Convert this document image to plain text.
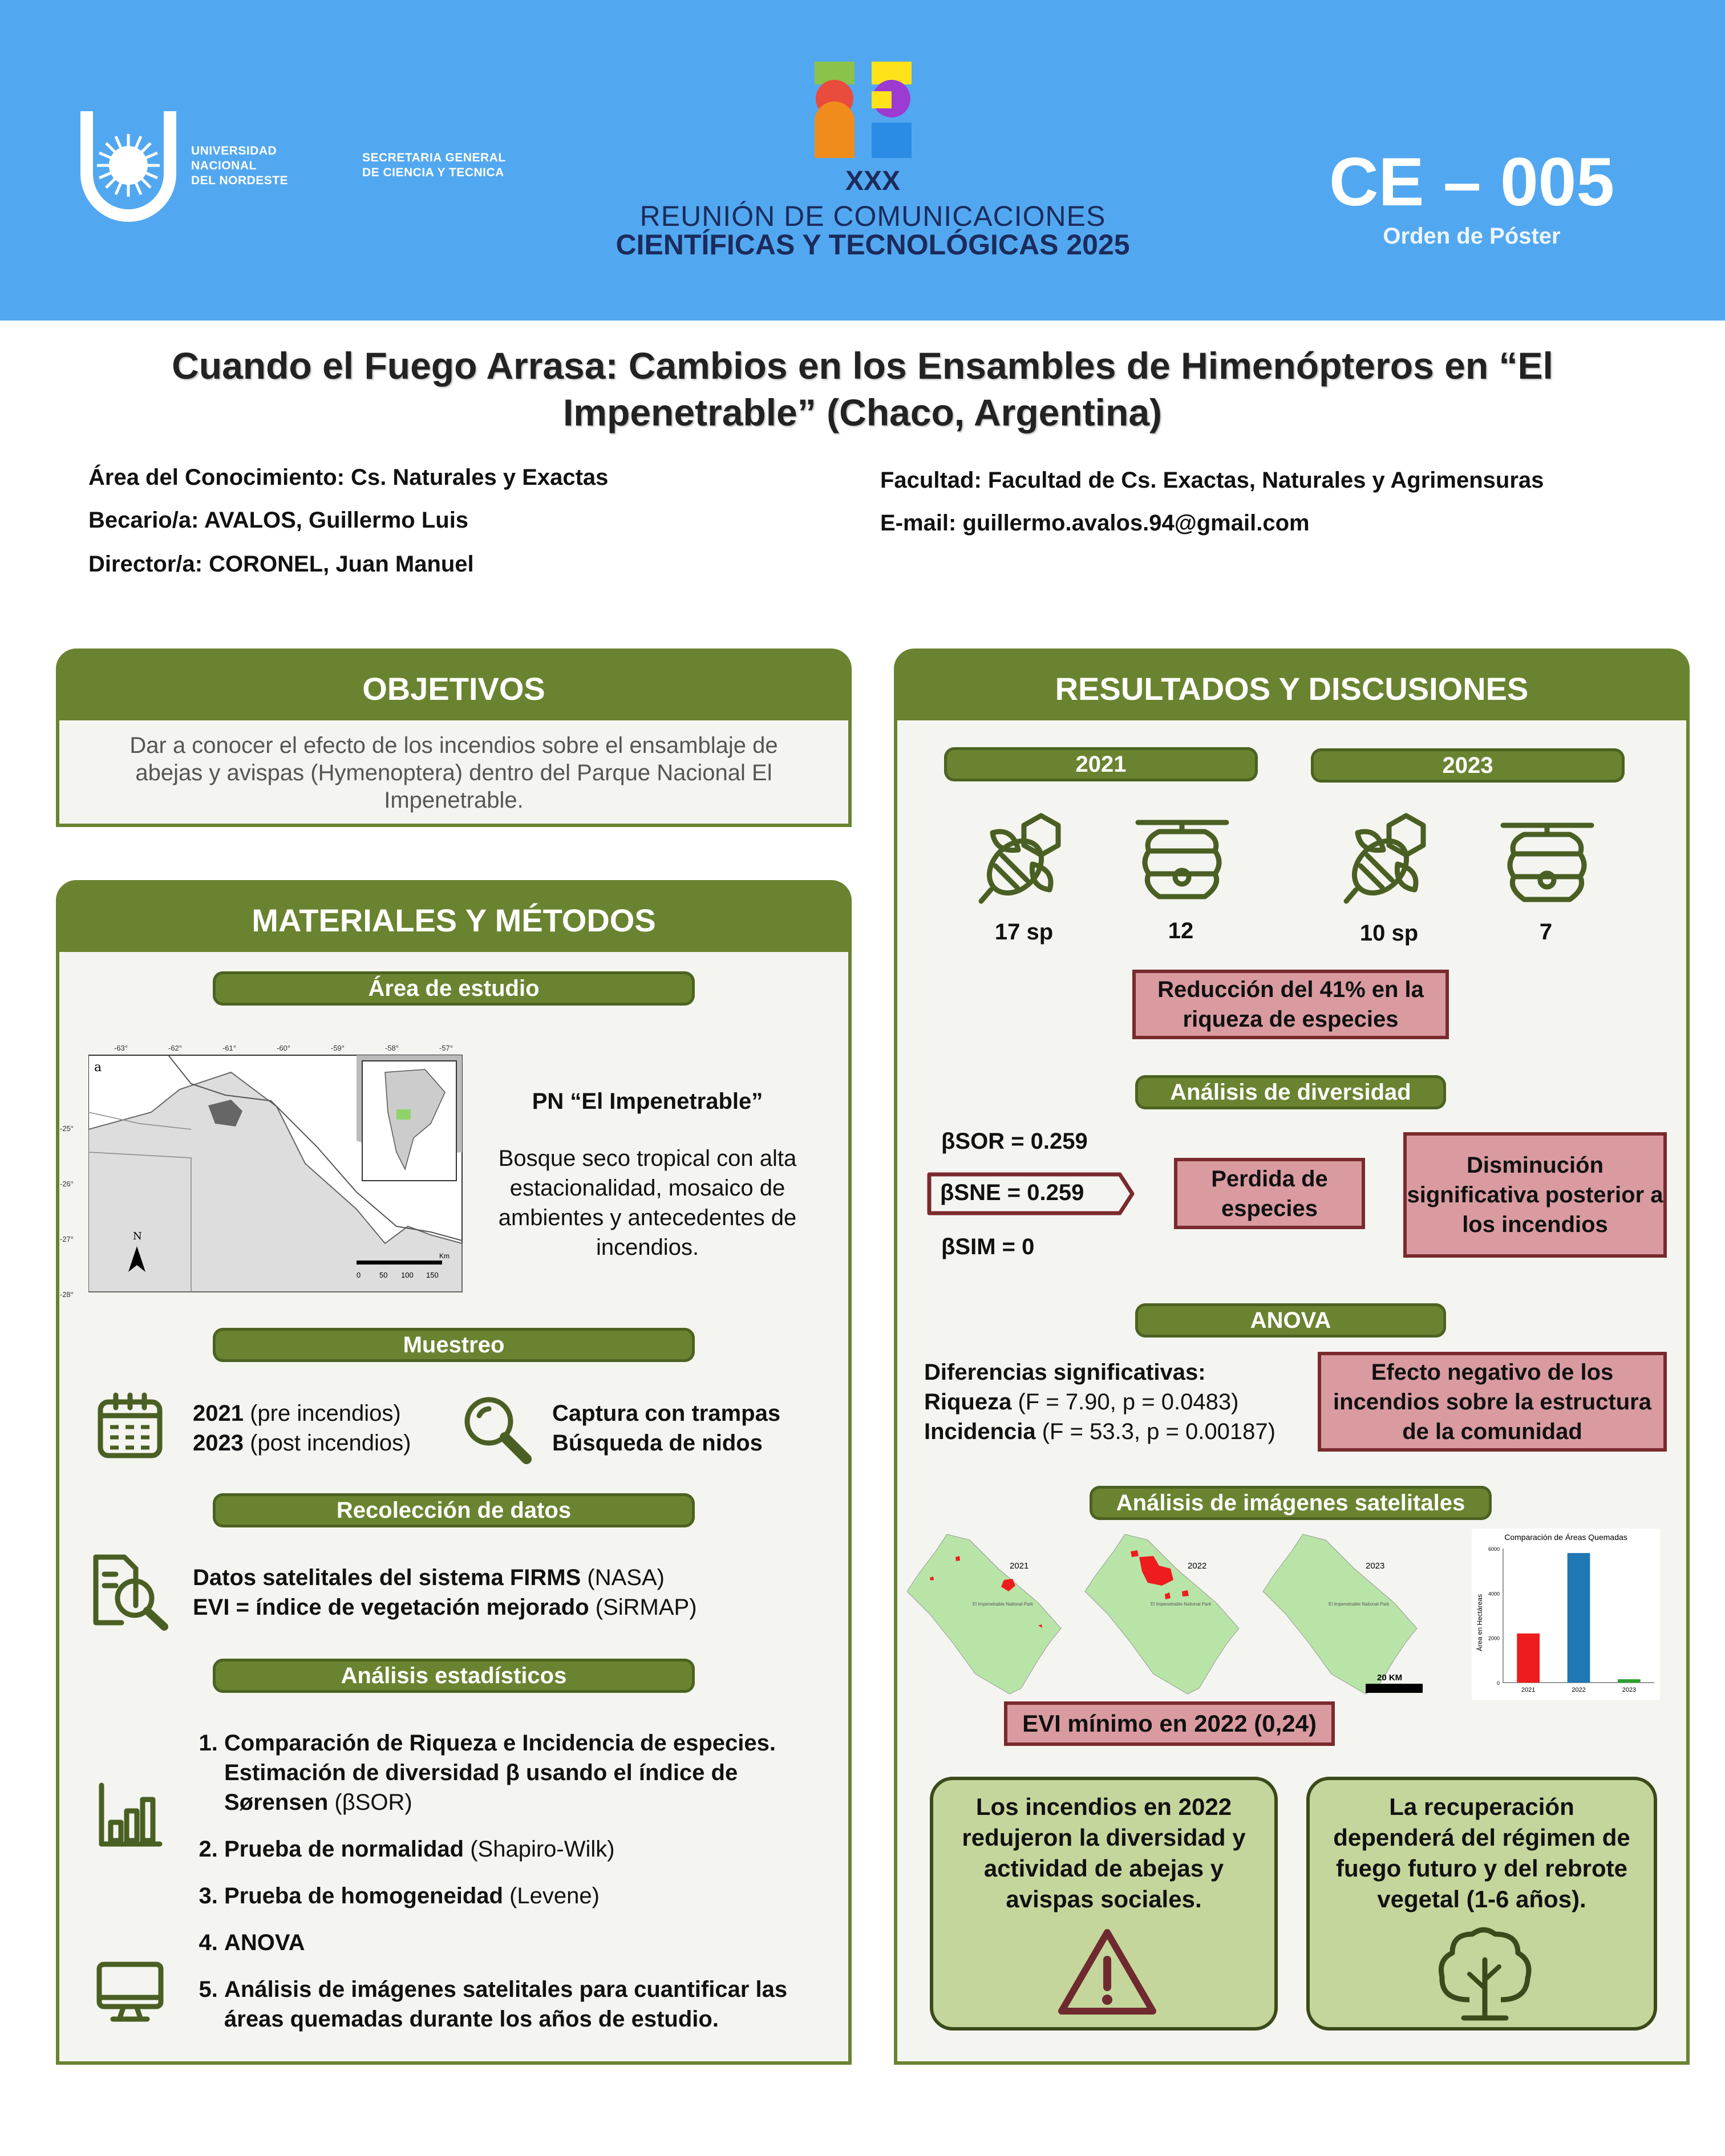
UNIVERSIDAD
NACIONAL
DEL NORDESTE
SECRETARIA GENERAL
DE CIENCIA Y TECNICA	XXX
REUNIÓN DE COMUNICACIONES
CIENTÍFICAS Y TECNOLÓGICAS 2025
CE – 005
Orden de Póster
Cuando el Fuego Arrasa: Cambios en los Ensambles de Himenópteros en “El Impenetrable” (Chaco, Argentina)
Área del Conocimiento: Cs. Naturales y Exactas
Becario/a: AVALOS, Guillermo Luis
Director/a: CORONEL, Juan Manuel
Facultad: Facultad de Cs. Exactas, Naturales y Agrimensuras
E-mail: guillermo.avalos.94@gmail.com
OBJETIVOS
Dar a conocer el efecto de los incendios sobre el ensamblaje de abejas y avispas (Hymenoptera) dentro del Parque Nacional El Impenetrable.
MATERIALES Y MÉTODOS
Área de estudio
N
a
-63°	-62°	-61°	-60°	-59°	-58°	-57°
Km
0	50 100 150
-25°
-26°
-27°
-28°
PN “El Impenetrable”
Bosque seco tropical con alta estacionalidad, mosaico de ambientes y antecedentes de incendios.
Muestreo
2021 (pre incendios)
2023 (post incendios)
Captura con trampas
Búsqueda de nidos
Recolección de datos
Datos satelitales del sistema FIRMS (NASA)
EVI = índice de vegetación mejorado (SiRMAP)
Análisis estadísticos
1. Comparación de Riqueza e Incidencia de especies. Estimación de diversidad β usando el índice de Sørensen (βSOR)
2. Prueba de normalidad (Shapiro-Wilk)
3. Prueba de homogeneidad (Levene)
4. ANOVA
5. Análisis de imágenes satelitales para cuantificar las áreas quemadas durante los años de estudio.
RESULTADOS Y DISCUSIONES
2021	2023
17 sp	12	10 sp	7
Reducción del 41% en la riqueza de especies
Análisis de diversidad
βSOR = 0.259
βSNE = 0.259
βSIM = 0
Perdida de especies
Disminución significativa posterior a los incendios
ANOVA
Diferencias significativas:
Riqueza (F = 7.90, p = 0.0483)
Incidencia (F = 53.3, p = 0.00187)
Efecto negativo de los incendios sobre la estructura de la comunidad
Análisis de imágenes satelitales
2021
El Impenetrable National Park
2022
El Impenetrable National Park
2023
El Impenetrable National Park
20 KM
Comparación de Áreas Quemadas
Área en Hectáreas
0
2000
4000
6000
2021	2022	2023
EVI mínimo en 2022 (0,24)
Los incendios en 2022 redujeron la diversidad y actividad de abejas y avispas sociales.
La recuperación dependerá del régimen de fuego futuro y del rebrote vegetal (1-6 años).
